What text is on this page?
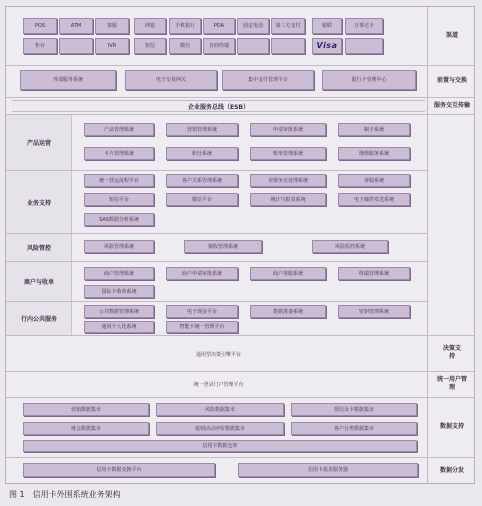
渠道
前置与交换
服务交互传输
决策支持
统一用户管理
数据支持
数据分发
POS	ATM	客服	网银	手机银行	PDA	固定电话	第三方支付	银联	万事达卡
柜台	IVR	短信	微信	自助终端	Visa
外部服务系统	电子交易网关	集中支付管理平台	银行卡受理中心
企业服务总线（ESB）
产品运营
产品管理系统	营销管理系统	申请审批系统	制卡系统
卡片管理系统	积分系统	账单管理系统	增值服务系统
业务支持
统一营运流程平台	客户关系管理系统	差错争议处理系统	客服系统
短信平台	微信平台	统计与报表系统	电子邮件发送系统
SAS数据分析系统
风险管控	风险管理系统	催收管理系统	风险监控系统
商户与收单
商户管理系统	商户申请审批系统	商户客服系统	终端管理系统
国际卡收单系统
行内公共服务
公共数据管理系统	电子现金平台	数据准备系统	密钥管理系统
通用个人化系统	智能卡统一管理平台
通用型决策引擎平台
统一登录门户管理平台
营销数据集市	风险数据集市	授信及卡数据集市
财会数据集市	促销活动评价数据集市	客户分类数据集市
信用卡数据仓库
信用卡数据交换平台	信用卡报表服务器
图 1　信用卡外围系统业务架构
